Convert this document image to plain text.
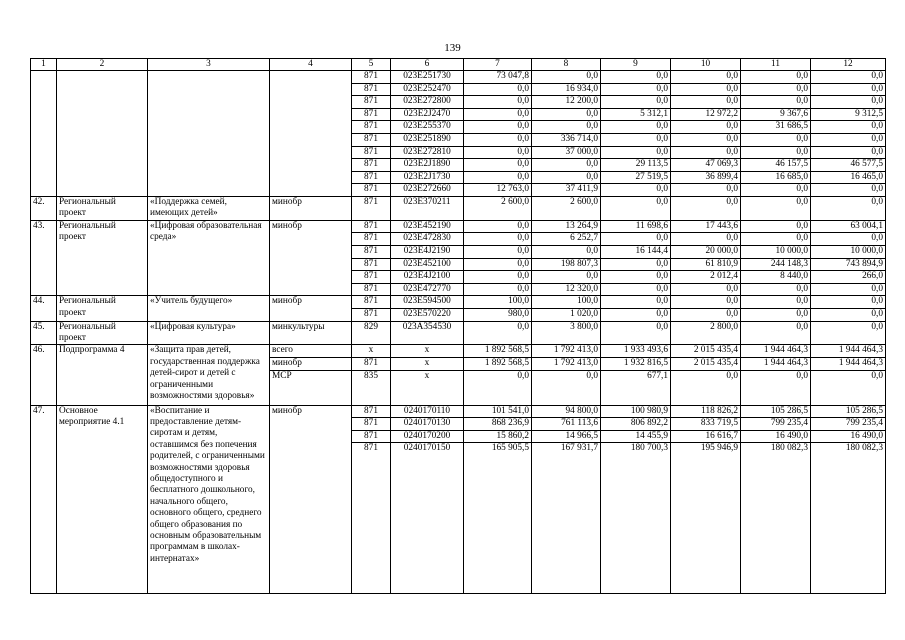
139
1	2	3	4	5	6	7	8	9	10	11	12
				871	023E251730	73 047,8	0,0	0,0	0,0	0,0	0,0
				871	023E252470	0,0	16 934,0	0,0	0,0	0,0	0,0
				871	023E272800	0,0	12 200,0	0,0	0,0	0,0	0,0
				871	023E2J2470	0,0	0,0	5 312,1	12 972,2	9 367,6	9 312,5
				871	023E255370	0,0	0,0	0,0	0,0	31 686,5	0,0
				871	023E251890	0,0	336 714,0	0,0	0,0	0,0	0,0
				871	023E272810	0,0	37 000,0	0,0	0,0	0,0	0,0
				871	023E2J1890	0,0	0,0	29 113,5	47 069,3	46 157,5	46 577,5
				871	023E2J1730	0,0	0,0	27 519,5	36 899,4	16 685,0	16 465,0
				871	023E272660	12 763,0	37 411,9	0,0	0,0	0,0	0,0
42.	Региональный проект	«Поддержка семей, имеющих детей»	минобр	871	023E370211	2 600,0	2 600,0	0,0	0,0	0,0	0,0
43.	Региональный проект	«Цифровая образовательная среда»	минобр	871	023E452190	0,0	13 264,9	11 698,6	17 443,6	0,0	63 004,1
				871	023E472830	0,0	6 252,7	0,0	0,0	0,0	0,0
				871	023E4J2190	0,0	0,0	16 144,4	20 000,0	10 000,0	10 000,0
				871	023E452100	0,0	198 807,3	0,0	61 810,9	244 148,3	743 894,9
				871	023E4J2100	0,0	0,0	0,0	2 012,4	8 440,0	266,0
				871	023E472770	0,0	12 320,0	0,0	0,0	0,0	0,0
44.	Региональный проект	«Учитель будущего»	минобр	871	023E594500	100,0	100,0	0,0	0,0	0,0	0,0
				871	023E570220	980,0	1 020,0	0,0	0,0	0,0	0,0
45.	Региональный проект	«Цифровая культура»	минкультуры	829	023A354530	0,0	3 800,0	0,0	2 800,0	0,0	0,0
46.	Подпрограмма 4	«Защита прав детей, государственная поддержка детей-сирот и детей с ограниченными возможностями здоровья»	всего	x	x	1 892 568,5	1 792 413,0	1 933 493,6	2 015 435,4	1 944 464,3	1 944 464,3
			минобр	871	x	1 892 568,5	1 792 413,0	1 932 816,5	2 015 435,4	1 944 464,3	1 944 464,3
			МСР	835	x	0,0	0,0	677,1	0,0	0,0	0,0
47.	Основное мероприятие 4.1	«Воспитание и предоставление детям-сиротам и детям, оставшимся без попечения родителей, с ограниченными возможностями здоровья общедоступного и бесплатного дошкольного, начального общего, основного общего, среднего общего образования по основным образовательным программам в школах-интернатах»	минобр	871	0240170110	101 541,0	94 800,0	100 980,9	118 826,2	105 286,5	105 286,5
				871	0240170130	868 236,9	761 113,6	806 892,2	833 719,5	799 235,4	799 235,4
				871	0240170200	15 860,2	14 966,5	14 455,9	16 616,7	16 490,0	16 490,0
				871	0240170150	165 905,5	167 931,7	180 700,3	195 946,9	180 082,3	180 082,3
